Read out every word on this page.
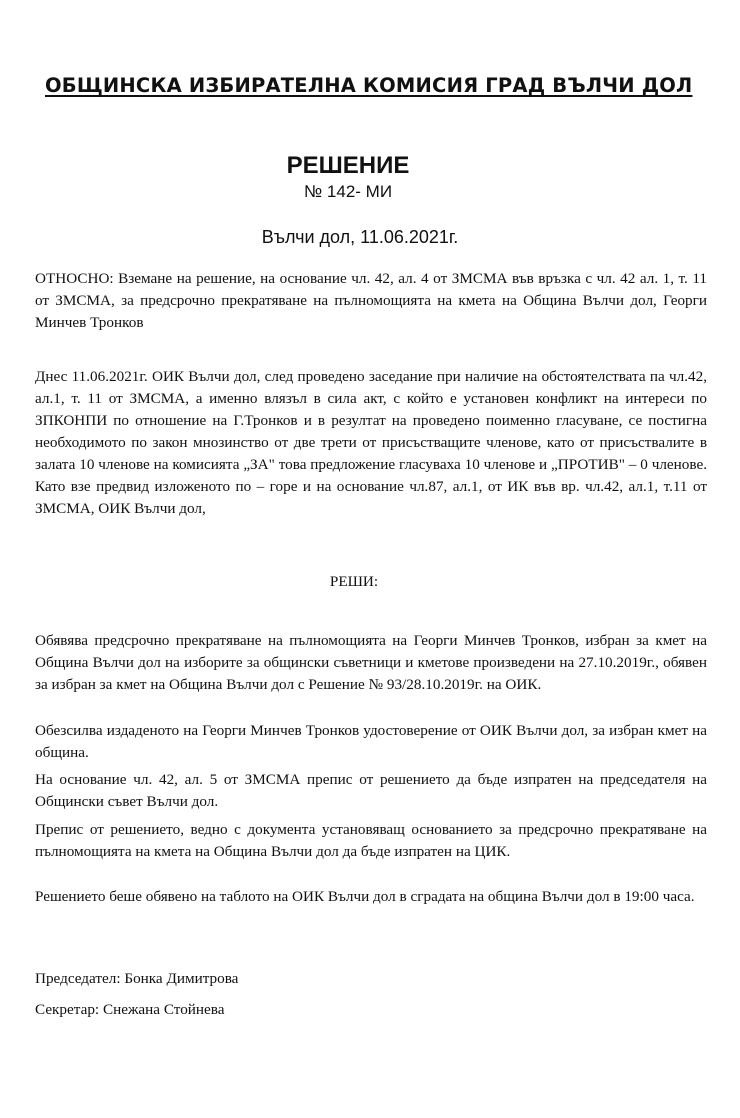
ОБЩИНСКА ИЗБИРАТЕЛНА КОМИСИЯ ГРАД ВЪЛЧИ ДОЛ
РЕШЕНИЕ
№ 142- МИ
Вълчи дол, 11.06.2021г.
ОТНОСНО: Вземане на решение, на основание чл. 42, ал. 4 от ЗМСМА във връзка с чл. 42 ал. 1, т. 11 от ЗМСМА, за предсрочно прекратяване на пълномощията на кмета на Община Вълчи дол, Георги Минчев Тронков
Днес 11.06.2021г. ОИК Вълчи дол, след проведено заседание при наличие на обстоятелствата па чл.42, ал.1, т. 11 от ЗМСМА, а именно влязъл в сила акт, с който е установен конфликт на интереси по ЗПКОНПИ по отношение на Г.Тронков и в резултат на проведено поименно гласуване, се постигна необходимото по закон мнозинство от две трети от присъстващите членове, като от присъствалите в залата 10 членове на комисията „ЗА" това предложение гласуваха 10 членове и „ПРОТИВ" – 0 членове. Като взе предвид изложеното по – горе и на основание чл.87, ал.1, от ИК във вр. чл.42, ал.1, т.11 от ЗМСМА, ОИК Вълчи дол,
РЕШИ:
Обявява предсрочно прекратяване на пълномощията на Георги Минчев Тронков, избран за кмет на Община Вълчи дол на изборите за общински съветници и кметове произведени на 27.10.2019г., обявен за избран за кмет на Община Вълчи дол с Решение № 93/28.10.2019г. на ОИК.
Обезсилва издаденото на Георги Минчев Тронков удостоверение от ОИК Вълчи дол, за избран кмет на община.
На основание чл. 42, ал. 5 от ЗМСМА препис от решението да бъде изпратен на председателя на Общински съвет Вълчи дол.
Препис от решението, ведно с документа установяващ основанието за предсрочно прекратяване на пълномощията на кмета на Община Вълчи дол да бъде изпратен на ЦИК.
Решението беше обявено на таблото на ОИК Вълчи дол в сградата на община Вълчи дол в 19:00 часа.
Председател: Бонка Димитрова
Секретар: Снежана Стойнева
